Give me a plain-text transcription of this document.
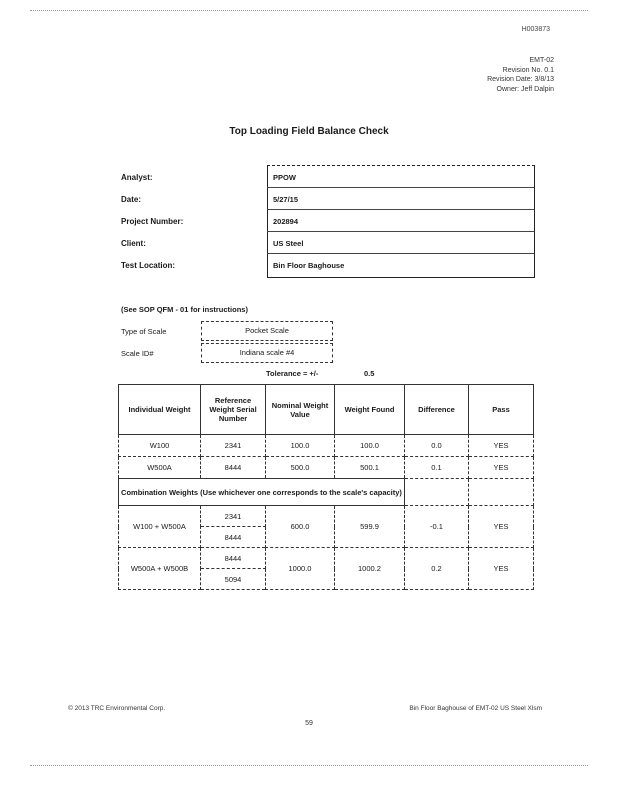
H003873
EMT-02
Revision No. 0.1
Revision Date: 3/8/13
Owner: Jeff Dalpin
Top Loading Field Balance Check
Analyst:	PPOW
Date:	5/27/15
Project Number:	202894
Client:	US Steel
Test Location:	Bin Floor Baghouse
(See SOP QFM - 01 for instructions)
Type of Scale	Pocket Scale
Scale ID#	Indiana scale #4
Tolerance = +/-	0.5
Individual Weight	Reference Weight Serial Number	Nominal Weight Value	Weight Found	Difference	Pass
W100	2341	100.0	100.0	0.0	YES
W500A	8444	500.0	500.1	0.1	YES
Combination Weights (Use whichever one corresponds to the scale's capacity)					
W100 + W500A	2341	600.0	599.9	-0.1	YES
	8444				
W500A + W500B	8444	1000.0	1000.2	0.2	YES
	5094				
© 2013 TRC Environmental Corp.	Bin Floor Baghouse of EMT-02 US Steel Xlsm
59
